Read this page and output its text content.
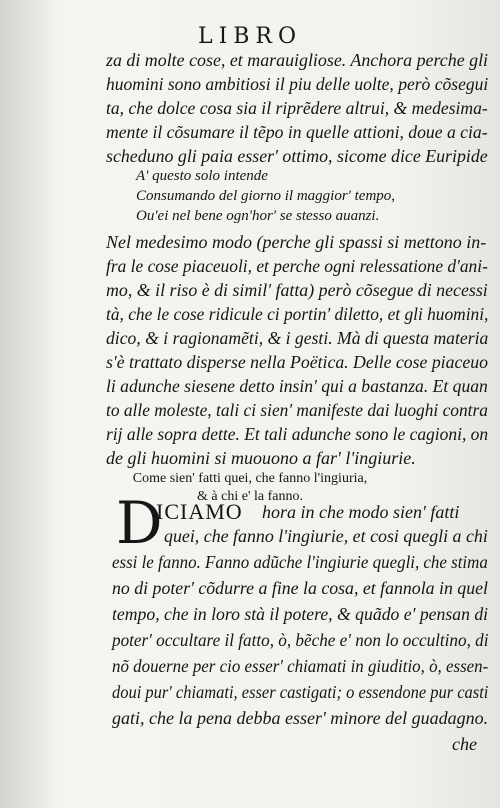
LIBRO
za di molte cose, et marauigliose. Anchora perche gli
huomini sono ambitiosi il piu delle uolte, però cõsegui
ta, che dolce cosa sia il riprẽdere altrui, & medesima-
mente il cõsumare il tẽpo in quelle attioni, doue a cia-
scheduno gli paia esser' ottimo, sicome dice Euripide
A' questo solo intende
Consumando del giorno il maggior' tempo,
Ou'ei nel bene ogn'hor' se stesso auanzi.
Nel medesimo modo (perche gli spassi si mettono in-
fra le cose piaceuoli, et perche ogni relessatione d'ani-
mo, & il riso è di simil' fatta) però cõsegue di necessi
tà, che le cose ridicule ci portin' diletto, et gli huomini,
dico, & i ragionamẽti, & i gesti. Mà di questa materia
s'è trattato disperse nella Poëtica. Delle cose piaceuo
li adunche siesene detto insin' qui a bastanza. Et quan
to alle moleste, tali ci sien' manifeste dai luoghi contra
rij alle sopra dette. Et tali adunche sono le cagioni, on
de gli huomini si muouono a far' l'ingiurie.
Come sien' fatti quei, che fanno l'ingiuria,
& à chi e' la fanno.
D
ICIAMO hora in che modo sien' fatti
quei, che fanno l'ingiurie, et cosi quegli a chi
essi le fanno. Fanno adũche l'ingiurie quegli, che stima
no di poter' cõdurre a fine la cosa, et fannola in quel
tempo, che in loro stà il potere, & quãdo e' pensan di
poter' occultare il fatto, ò, bẽche e' non lo occultino, di
nõ douerne per cio esser' chiamati in giuditio, ò, essen-
doui pur' chiamati, esser castigati; o essendone pur casti
gati, che la pena debba esser' minore del guadagno.
che
